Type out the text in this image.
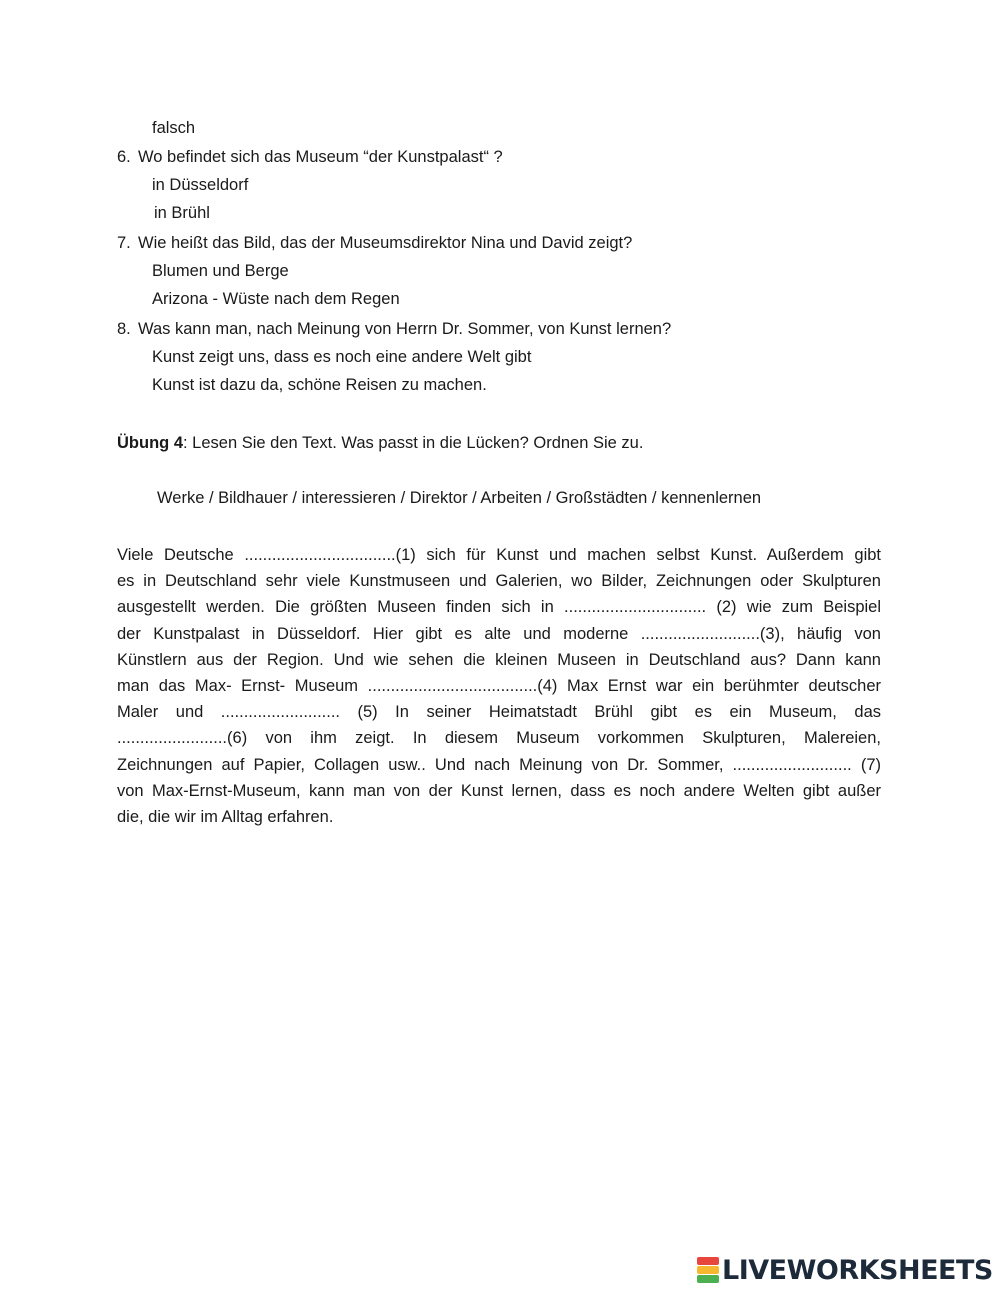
falsch
6. Wo befindet sich das Museum “der Kunstpalast“ ?
in Düsseldorf
in Brühl
7. Wie heißt das Bild, das der Museumsdirektor Nina und David zeigt?
Blumen und Berge
Arizona - Wüste nach dem Regen
8. Was kann man, nach Meinung von Herrn Dr. Sommer, von Kunst lernen?
Kunst zeigt uns, dass es noch eine andere Welt gibt
Kunst ist dazu da, schöne Reisen zu machen.
Übung 4: Lesen Sie den Text. Was passt in die Lücken? Ordnen Sie zu.
Werke / Bildhauer / interessieren / Direktor / Arbeiten / Großstädten / kennenlernen
Viele Deutsche .................................(1) sich für Kunst und machen selbst Kunst. Außerdem gibt
es in Deutschland sehr viele Kunstmuseen und Galerien, wo Bilder, Zeichnungen oder Skulpturen
ausgestellt werden. Die größten Museen finden sich in ............................... (2) wie zum Beispiel
der Kunstpalast in Düsseldorf. Hier gibt es alte und moderne ..........................(3), häufig von
Künstlern aus der Region. Und wie sehen die kleinen Museen in Deutschland aus? Dann kann
man das Max- Ernst- Museum .....................................(4) Max Ernst war ein berühmter deutscher
Maler und .......................... (5) In seiner Heimatstadt Brühl gibt es ein Museum, das
........................(6) von ihm zeigt. In diesem Museum vorkommen Skulpturen, Malereien,
Zeichnungen auf Papier, Collagen usw.. Und nach Meinung von Dr. Sommer, .......................... (7)
von Max-Ernst-Museum, kann man von der Kunst lernen, dass es noch andere Welten gibt außer
die, die wir im Alltag erfahren.
LIVEWORKSHEETS
